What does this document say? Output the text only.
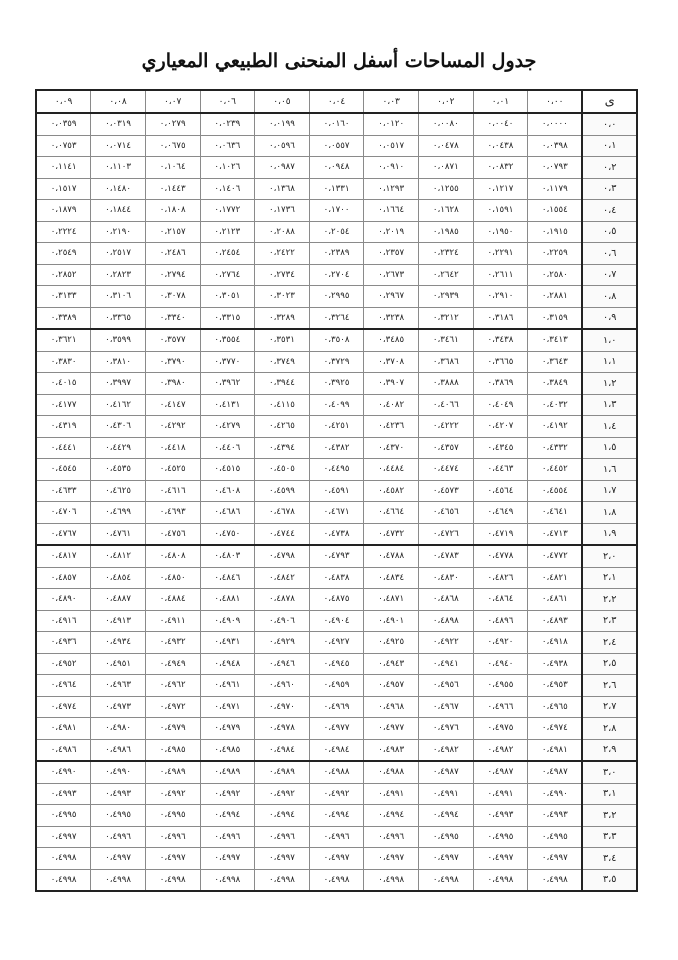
جدول المساحات أسفل المنحنى الطبيعي المعياري
ى	٠،٠٠	٠،٠١	٠،٠٢	٠،٠٣	٠،٠٤	٠،٠٥	٠،٠٦	٠،٠٧	٠،٠٨	٠،٠٩
٠،٠	٠،٠٠٠٠	٠،٠٠٤٠	٠،٠٠٨٠	٠،٠١٢٠	٠،٠١٦٠	٠،٠١٩٩	٠،٠٢٣٩	٠،٠٢٧٩	٠،٠٣١٩	٠،٠٣٥٩
٠،١	٠،٠٣٩٨	٠،٠٤٣٨	٠،٠٤٧٨	٠،٠٥١٧	٠،٠٥٥٧	٠،٠٥٩٦	٠،٠٦٣٦	٠،٠٦٧٥	٠،٠٧١٤	٠،٠٧٥٣
٠،٢	٠،٠٧٩٣	٠،٠٨٣٢	٠،٠٨٧١	٠،٠٩١٠	٠،٠٩٤٨	٠،٠٩٨٧	٠،١٠٢٦	٠،١٠٦٤	٠،١١٠٣	٠،١١٤١
٠،٣	٠،١١٧٩	٠،١٢١٧	٠،١٢٥٥	٠،١٢٩٣	٠،١٣٣١	٠،١٣٦٨	٠،١٤٠٦	٠،١٤٤٣	٠،١٤٨٠	٠،١٥١٧
٠،٤	٠،١٥٥٤	٠،١٥٩١	٠،١٦٢٨	٠،١٦٦٤	٠،١٧٠٠	٠،١٧٣٦	٠،١٧٧٢	٠،١٨٠٨	٠،١٨٤٤	٠،١٨٧٩
٠،٥	٠،١٩١٥	٠،١٩٥٠	٠،١٩٨٥	٠،٢٠١٩	٠،٢٠٥٤	٠،٢٠٨٨	٠،٢١٢٣	٠،٢١٥٧	٠،٢١٩٠	٠،٢٢٢٤
٠،٦	٠،٢٢٥٩	٠،٢٢٩١	٠،٢٣٢٤	٠،٢٣٥٧	٠،٢٣٨٩	٠،٢٤٢٢	٠،٢٤٥٤	٠،٢٤٨٦	٠،٢٥١٧	٠،٢٥٤٩
٠،٧	٠،٢٥٨٠	٠،٢٦١١	٠،٢٦٤٢	٠،٢٦٧٣	٠،٢٧٠٤	٠،٢٧٣٤	٠،٢٧٦٤	٠،٢٧٩٤	٠،٢٨٢٣	٠،٢٨٥٢
٠،٨	٠،٢٨٨١	٠،٢٩١٠	٠،٢٩٣٩	٠،٢٩٦٧	٠،٢٩٩٥	٠،٣٠٢٣	٠،٣٠٥١	٠،٣٠٧٨	٠،٣١٠٦	٠،٣١٣٣
٠،٩	٠،٣١٥٩	٠،٣١٨٦	٠،٣٢١٢	٠،٣٢٣٨	٠،٣٢٦٤	٠،٣٢٨٩	٠،٣٣١٥	٠،٣٣٤٠	٠،٣٣٦٥	٠،٣٣٨٩
١،٠	٠،٣٤١٣	٠،٣٤٣٨	٠،٣٤٦١	٠،٣٤٨٥	٠،٣٥٠٨	٠،٣٥٣١	٠،٣٥٥٤	٠،٣٥٧٧	٠،٣٥٩٩	٠،٣٦٢١
١،١	٠،٣٦٤٣	٠،٣٦٦٥	٠،٣٦٨٦	٠،٣٧٠٨	٠،٣٧٢٩	٠،٣٧٤٩	٠،٣٧٧٠	٠،٣٧٩٠	٠،٣٨١٠	٠،٣٨٣٠
١،٢	٠،٣٨٤٩	٠،٣٨٦٩	٠،٣٨٨٨	٠،٣٩٠٧	٠،٣٩٢٥	٠،٣٩٤٤	٠،٣٩٦٢	٠،٣٩٨٠	٠،٣٩٩٧	٠،٤٠١٥
١،٣	٠،٤٠٣٢	٠،٤٠٤٩	٠،٤٠٦٦	٠،٤٠٨٢	٠،٤٠٩٩	٠،٤١١٥	٠،٤١٣١	٠،٤١٤٧	٠،٤١٦٢	٠،٤١٧٧
١،٤	٠،٤١٩٢	٠،٤٢٠٧	٠،٤٢٢٢	٠،٤٢٣٦	٠،٤٢٥١	٠،٤٢٦٥	٠،٤٢٧٩	٠،٤٢٩٢	٠،٤٣٠٦	٠،٤٣١٩
١،٥	٠،٤٣٣٢	٠،٤٣٤٥	٠،٤٣٥٧	٠،٤٣٧٠	٠،٤٣٨٢	٠،٤٣٩٤	٠،٤٤٠٦	٠،٤٤١٨	٠،٤٤٢٩	٠،٤٤٤١
١،٦	٠،٤٤٥٢	٠،٤٤٦٣	٠،٤٤٧٤	٠،٤٤٨٤	٠،٤٤٩٥	٠،٤٥٠٥	٠،٤٥١٥	٠،٤٥٢٥	٠،٤٥٣٥	٠،٤٥٤٥
١،٧	٠،٤٥٥٤	٠،٤٥٦٤	٠،٤٥٧٣	٠،٤٥٨٢	٠،٤٥٩١	٠،٤٥٩٩	٠،٤٦٠٨	٠،٤٦١٦	٠،٤٦٢٥	٠،٤٦٣٣
١،٨	٠،٤٦٤١	٠،٤٦٤٩	٠،٤٦٥٦	٠،٤٦٦٤	٠،٤٦٧١	٠،٤٦٧٨	٠،٤٦٨٦	٠،٤٦٩٣	٠،٤٦٩٩	٠،٤٧٠٦
١،٩	٠،٤٧١٣	٠،٤٧١٩	٠،٤٧٢٦	٠،٤٧٣٢	٠،٤٧٣٨	٠،٤٧٤٤	٠،٤٧٥٠	٠،٤٧٥٦	٠،٤٧٦١	٠،٤٧٦٧
٢،٠	٠،٤٧٧٢	٠،٤٧٧٨	٠،٤٧٨٣	٠،٤٧٨٨	٠،٤٧٩٣	٠،٤٧٩٨	٠،٤٨٠٣	٠،٤٨٠٨	٠،٤٨١٢	٠،٤٨١٧
٢،١	٠،٤٨٢١	٠،٤٨٢٦	٠،٤٨٣٠	٠،٤٨٣٤	٠،٤٨٣٨	٠،٤٨٤٢	٠،٤٨٤٦	٠،٤٨٥٠	٠،٤٨٥٤	٠،٤٨٥٧
٢،٢	٠،٤٨٦١	٠،٤٨٦٤	٠،٤٨٦٨	٠،٤٨٧١	٠،٤٨٧٥	٠،٤٨٧٨	٠،٤٨٨١	٠،٤٨٨٤	٠،٤٨٨٧	٠،٤٨٩٠
٢،٣	٠،٤٨٩٣	٠،٤٨٩٦	٠،٤٨٩٨	٠،٤٩٠١	٠،٤٩٠٤	٠،٤٩٠٦	٠،٤٩٠٩	٠،٤٩١١	٠،٤٩١٣	٠،٤٩١٦
٢،٤	٠،٤٩١٨	٠،٤٩٢٠	٠،٤٩٢٢	٠،٤٩٢٥	٠،٤٩٢٧	٠،٤٩٢٩	٠،٤٩٣١	٠،٤٩٣٢	٠،٤٩٣٤	٠،٤٩٣٦
٢،٥	٠،٤٩٣٨	٠،٤٩٤٠	٠،٤٩٤١	٠،٤٩٤٣	٠،٤٩٤٥	٠،٤٩٤٦	٠،٤٩٤٨	٠،٤٩٤٩	٠،٤٩٥١	٠،٤٩٥٢
٢،٦	٠،٤٩٥٣	٠،٤٩٥٥	٠،٤٩٥٦	٠،٤٩٥٧	٠،٤٩٥٩	٠،٤٩٦٠	٠،٤٩٦١	٠،٤٩٦٢	٠،٤٩٦٣	٠،٤٩٦٤
٢،٧	٠،٤٩٦٥	٠،٤٩٦٦	٠،٤٩٦٧	٠،٤٩٦٨	٠،٤٩٦٩	٠،٤٩٧٠	٠،٤٩٧١	٠،٤٩٧٢	٠،٤٩٧٣	٠،٤٩٧٤
٢،٨	٠،٤٩٧٤	٠،٤٩٧٥	٠،٤٩٧٦	٠،٤٩٧٧	٠،٤٩٧٧	٠،٤٩٧٨	٠،٤٩٧٩	٠،٤٩٧٩	٠،٤٩٨٠	٠،٤٩٨١
٢،٩	٠،٤٩٨١	٠،٤٩٨٢	٠،٤٩٨٢	٠،٤٩٨٣	٠،٤٩٨٤	٠،٤٩٨٤	٠،٤٩٨٥	٠،٤٩٨٥	٠،٤٩٨٦	٠،٤٩٨٦
٣،٠	٠،٤٩٨٧	٠،٤٩٨٧	٠،٤٩٨٧	٠،٤٩٨٨	٠،٤٩٨٨	٠،٤٩٨٩	٠،٤٩٨٩	٠،٤٩٨٩	٠،٤٩٩٠	٠،٤٩٩٠
٣،١	٠،٤٩٩٠	٠،٤٩٩١	٠،٤٩٩١	٠،٤٩٩١	٠،٤٩٩٢	٠،٤٩٩٢	٠،٤٩٩٢	٠،٤٩٩٢	٠،٤٩٩٣	٠،٤٩٩٣
٣،٢	٠،٤٩٩٣	٠،٤٩٩٣	٠،٤٩٩٤	٠،٤٩٩٤	٠،٤٩٩٤	٠،٤٩٩٤	٠،٤٩٩٤	٠،٤٩٩٥	٠،٤٩٩٥	٠،٤٩٩٥
٣،٣	٠،٤٩٩٥	٠،٤٩٩٥	٠،٤٩٩٥	٠،٤٩٩٦	٠،٤٩٩٦	٠،٤٩٩٦	٠،٤٩٩٦	٠،٤٩٩٦	٠،٤٩٩٦	٠،٤٩٩٧
٣،٤	٠،٤٩٩٧	٠،٤٩٩٧	٠،٤٩٩٧	٠،٤٩٩٧	٠،٤٩٩٧	٠،٤٩٩٧	٠،٤٩٩٧	٠،٤٩٩٧	٠،٤٩٩٧	٠،٤٩٩٨
٣،٥	٠،٤٩٩٨	٠،٤٩٩٨	٠،٤٩٩٨	٠،٤٩٩٨	٠،٤٩٩٨	٠،٤٩٩٨	٠،٤٩٩٨	٠،٤٩٩٨	٠،٤٩٩٨	٠،٤٩٩٨
